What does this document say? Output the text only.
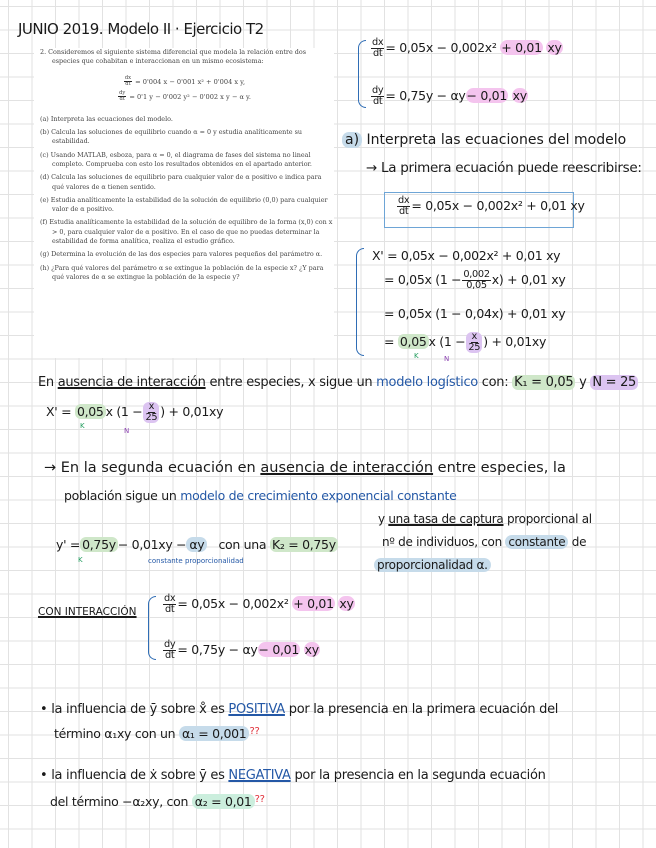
JUNIO 2019. Modelo II · Ejercicio T2

2. Consideremos el siguiente sistema diferencial que modela la relación entre dos especies que cohabitan e interaccionan en un mismo ecosistema:

$\frac{dx}{dt} = 0'004$ x − 0'001 x² + 0'004 x y,
$\frac{dy}{dt} = 0'1$ y − 0'002 y² − 0'002 x y − α y.

(a) Interpreta las ecuaciones del modelo.

(b) Calcula las soluciones de equilibrio cuando α = 0 y estudia analíticamente su estabilidad.

(c) Usando MATLAB, esboza, para α = 0, el diagrama de fases del sistema no lineal completo. Comprueba con esto los resultados obtenidos en el apartado anterior.

(d) Calcula las soluciones de equilibrio para cualquier valor de α positivo e indica para qué valores de α tienen sentido.

(e) Estudia analíticamente la estabilidad de la solución de equilibrio (0,0) para cualquier valor de α positivo.

(f) Estudia analíticamente la estabilidad de la solución de equilibro de la forma (x,0) con x > 0, para cualquier valor de α positivo. En el caso de que no puedas determinar la estabilidad de forma analítica, realiza el estudio gráfico.

(g) Determina la evolución de las dos especies para valores pequeños del parámetro α.

(h) ¿Para qué valores del parámetro α se extingue la población de la especie x? ¿Y para qué valores de α se extingue la población de la especie y?

$\frac{dx}{dt} = 0,05x - 0,002x^2 + 0,01$ xy
$\frac{dy}{dt} = 0,75y - \alpha y- 0,01$ xy
a) Interpreta las ecuaciones del modelo
→ La primera ecuación puede reescribirse:
$\frac{dx}{dt} = 0,05x - 0,002x^2 + 0,01$ xy
X' = 0,05x − 0,002x² + 0,01 xy
= 0,05x $(1 - \frac{0,002}{0,05} x) + 0,01$ xy
= 0,05x (1 − 0,04x) + 0,01 xy
= 0,05 x ($1 - \frac{x}{25}$ ) + 0,01xy
K	N
En ausencia de interacción entre especies, x sigue un modelo logístico con: K₁ = 0,05 y N = 25
X' = 0,05 x ($1 - \frac{x}{25}$ ) + 0,01xy
K
N
→ En la segunda ecuación en ausencia de interacción entre especies, la
población sigue un modelo de crecimiento exponencial constante
y' = 0,75y − 0,01xy − αy con una K₂ = 0,75y
K	constante proporcionalidad
y una tasa de captura proporcional al
nº de individuos, con constante de
proporcionalidad α.
CON INTERACCIÓN	$\frac{dx}{dt} = 0,05x - 0,002x^2 + 0,01$ xy
$\frac{dy}{dt} = 0,75y - \alpha y- 0,01$ xy
• la influencia de ȳ sobre x̊ es POSITIVA por la presencia en la primera ecuación del
término α₁xy con un α₁ = 0,001 ??
• la influencia de ẋ sobre ȳ es NEGATIVA por la presencia en la segunda ecuación
del término −α₂xy, con α₂ = 0,01 ??
